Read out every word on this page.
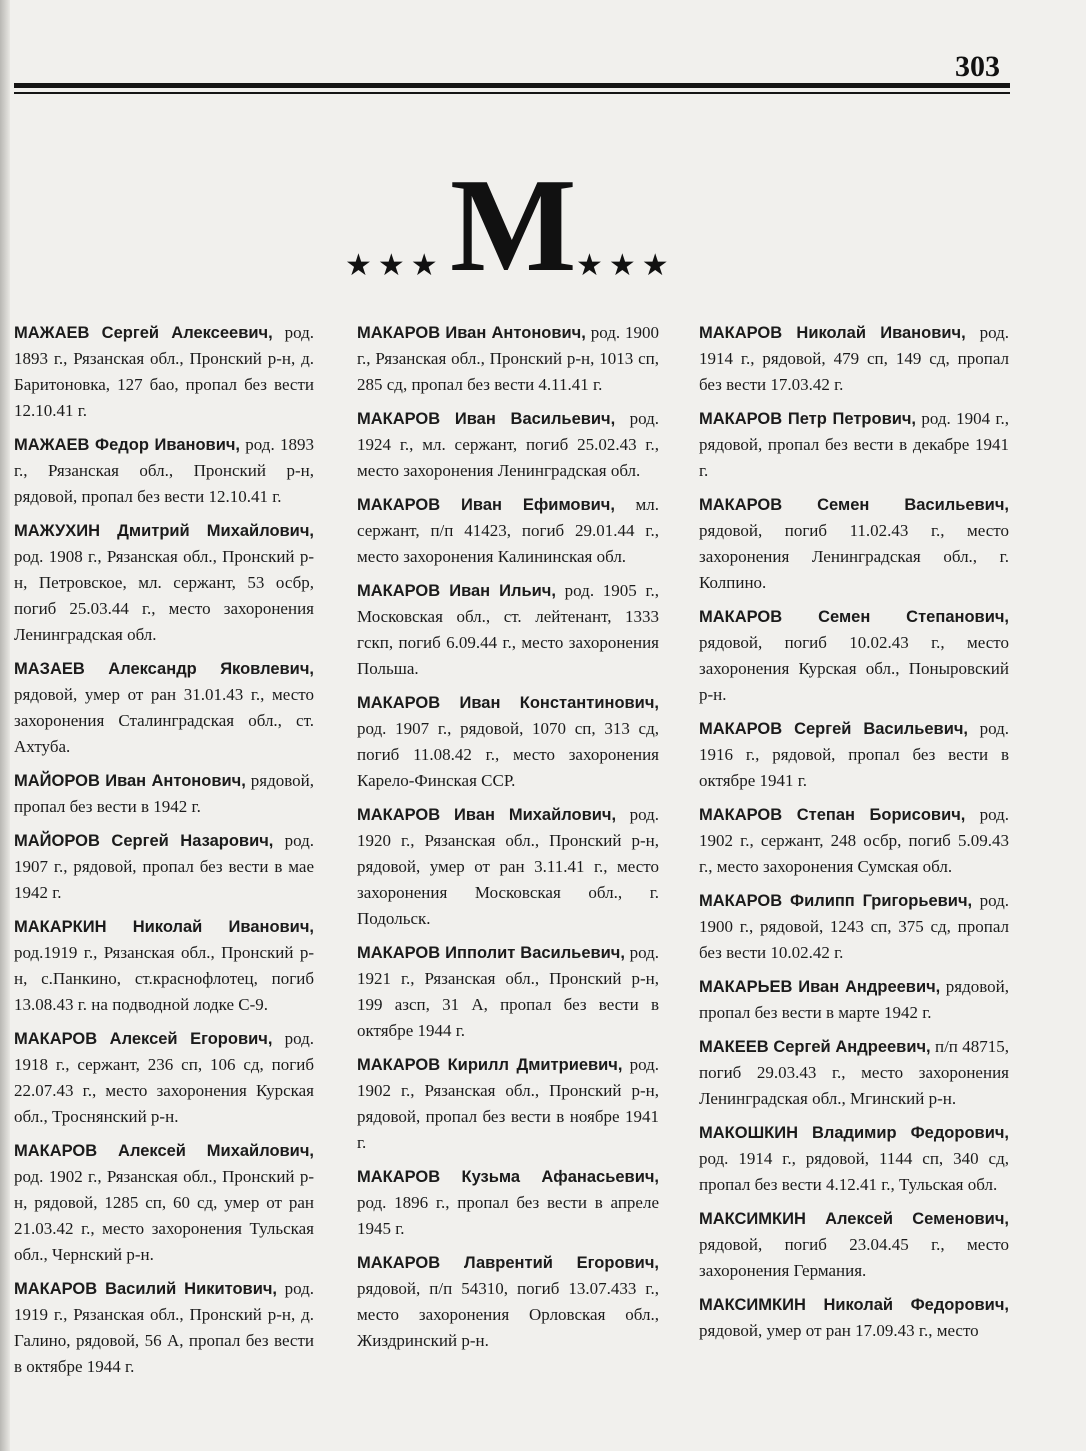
303
★★★ М ★★★

МАЖАЕВ Сергей Алексеевич, род. 1893 г., Рязанская обл., Пронский р-н, д. Баритоновка, 127 бао, пропал без вести 12.10.41 г.

МАЖАЕВ Федор Иванович, род. 1893 г., Рязанская обл., Пронский р-н, рядовой, пропал без вести 12.10.41 г.

МАЖУХИН Дмитрий Михайлович, род. 1908 г., Рязанская обл., Пронский р-н, Петровское, мл. сержант, 53 осбр, погиб 25.03.44 г., место захоронения Ленинградская обл.

МАЗАЕВ Александр Яковлевич, рядовой, умер от ран 31.01.43 г., место захоронения Сталинградская обл., ст. Ахтуба.

МАЙОРОВ Иван Антонович, рядовой, пропал без вести в 1942 г.

МАЙОРОВ Сергей Назарович, род. 1907 г., рядовой, пропал без вести в мае 1942 г.

МАКАРКИН Николай Иванович, род.1919 г., Рязанская обл., Пронский р-н, с.Панкино, ст.краснофлотец, погиб 13.08.43 г. на подводной лодке С-9.

МАКАРОВ Алексей Егорович, род. 1918 г., сержант, 236 сп, 106 сд, погиб 22.07.43 г., место захоронения Курская обл., Троснянский р-н.

МАКАРОВ Алексей Михайлович, род. 1902 г., Рязанская обл., Пронский р-н, рядовой, 1285 сп, 60 сд, умер от ран 21.03.42 г., место захоронения Тульская обл., Чернский р-н.

МАКАРОВ Василий Никитович, род. 1919 г., Рязанская обл., Пронский р-н, д. Галино, рядовой, 56 А, пропал без вести в октябре 1944 г.

МАКАРОВ Иван Антонович, род. 1900 г., Рязанская обл., Пронский р-н, 1013 сп, 285 сд, пропал без вести 4.11.41 г.

МАКАРОВ Иван Васильевич, род. 1924 г., мл. сержант, погиб 25.02.43 г., место захоронения Ленинградская обл.

МАКАРОВ Иван Ефимович, мл. сержант, п/п 41423, погиб 29.01.44 г., место захоронения Калининская обл.

МАКАРОВ Иван Ильич, род. 1905 г., Московская обл., ст. лейтенант, 1333 гскп, погиб 6.09.44 г., место захоронения Польша.

МАКАРОВ Иван Константинович, род. 1907 г., рядовой, 1070 сп, 313 сд, погиб 11.08.42 г., место захоронения Карело-Финская ССР.

МАКАРОВ Иван Михайлович, род. 1920 г., Рязанская обл., Пронский р-н, рядовой, умер от ран 3.11.41 г., место захоронения Московская обл., г. Подольск.

МАКАРОВ Ипполит Васильевич, род. 1921 г., Рязанская обл., Пронский р-н, 199 азсп, 31 А, пропал без вести в октябре 1944 г.

МАКАРОВ Кирилл Дмитриевич, род. 1902 г., Рязанская обл., Пронский р-н, рядовой, пропал без вести в ноябре 1941 г.

МАКАРОВ Кузьма Афанасьевич, род. 1896 г., пропал без вести в апреле 1945 г.

МАКАРОВ Лаврентий Егорович, рядовой, п/п 54310, погиб 13.07.433 г., место захоронения Орловская обл., Жиздринский р-н.

МАКАРОВ Николай Иванович, род. 1914 г., рядовой, 479 сп, 149 сд, пропал без вести 17.03.42 г.

МАКАРОВ Петр Петрович, род. 1904 г., рядовой, пропал без вести в декабре 1941 г.

МАКАРОВ Семен Васильевич, рядовой, погиб 11.02.43 г., место захоронения Ленинградская обл., г. Колпино.

МАКАРОВ Семен Степанович, рядовой, погиб 10.02.43 г., место захоронения Курская обл., Поныровский р-н.

МАКАРОВ Сергей Васильевич, род. 1916 г., рядовой, пропал без вести в октябре 1941 г.

МАКАРОВ Степан Борисович, род. 1902 г., сержант, 248 осбр, погиб 5.09.43 г., место захоронения Сумская обл.

МАКАРОВ Филипп Григорьевич, род. 1900 г., рядовой, 1243 сп, 375 сд, пропал без вести 10.02.42 г.

МАКАРЬЕВ Иван Андреевич, рядовой, пропал без вести в марте 1942 г.

МАКЕЕВ Сергей Андреевич, п/п 48715, погиб 29.03.43 г., место захоронения Ленинградская обл., Мгинский р-н.

МАКОШКИН Владимир Федорович, род. 1914 г., рядовой, 1144 сп, 340 сд, пропал без вести 4.12.41 г., Тульская обл.

МАКСИМКИН Алексей Семенович, рядовой, погиб 23.04.45 г., место захоронения Германия.

МАКСИМКИН Николай Федорович, рядовой, умер от ран 17.09.43 г., место
